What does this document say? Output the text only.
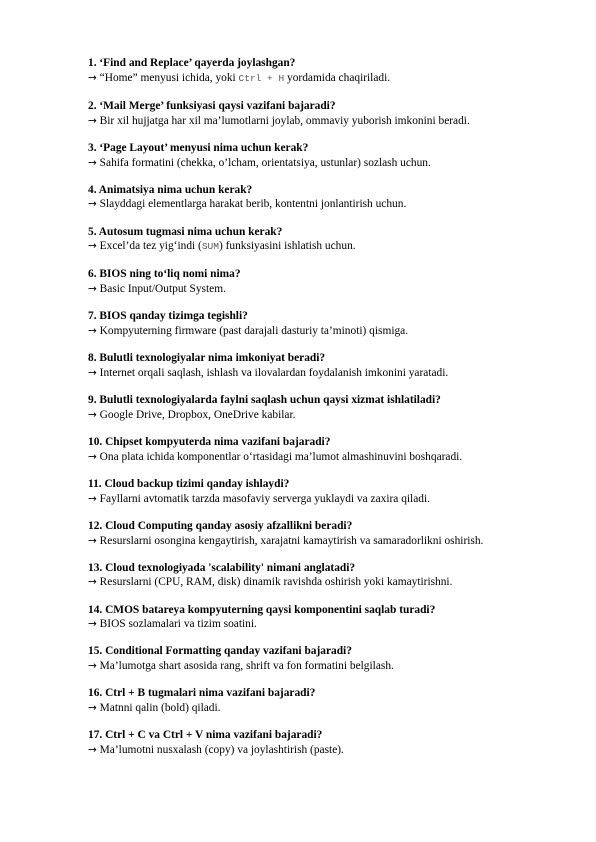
1. ‘Find and Replace’ qayerda joylashgan?
→ “Home” menyusi ichida, yoki Ctrl + H yordamida chaqiriladi.
2. ‘Mail Merge’ funksiyasi qaysi vazifani bajaradi?
→ Bir xil hujjatga har xil ma’lumotlarni joylab, ommaviy yuborish imkonini beradi.
3. ‘Page Layout’ menyusi nima uchun kerak?
→ Sahifa formatini (chekka, o’lcham, orientatsiya, ustunlar) sozlash uchun.
4. Animatsiya nima uchun kerak?
→ Slayddagi elementlarga harakat berib, kontentni jonlantirish uchun.
5. Autosum tugmasi nima uchun kerak?
→ Excel’da tez yig‘indi (SUM) funksiyasini ishlatish uchun.
6. BIOS ning to‘liq nomi nima?
→ Basic Input/Output System.
7. BIOS qanday tizimga tegishli?
→ Kompyuterning firmware (past darajali dasturiy ta’minoti) qismiga.
8. Bulutli texnologiyalar nima imkoniyat beradi?
→ Internet orqali saqlash, ishlash va ilovalardan foydalanish imkonini yaratadi.
9. Bulutli texnologiyalarda faylni saqlash uchun qaysi xizmat ishlatiladi?
→ Google Drive, Dropbox, OneDrive kabilar.
10. Chipset kompyuterda nima vazifani bajaradi?
→ Ona plata ichida komponentlar o‘rtasidagi ma’lumot almashinuvini boshqaradi.
11. Cloud backup tizimi qanday ishlaydi?
→ Fayllarni avtomatik tarzda masofaviy serverga yuklaydi va zaxira qiladi.
12. Cloud Computing qanday asosiy afzallikni beradi?
→ Resurslarni osongina kengaytirish, xarajatni kamaytirish va samaradorlikni oshirish.
13. Cloud texnologiyada 'scalability' nimani anglatadi?
→ Resurslarni (CPU, RAM, disk) dinamik ravishda oshirish yoki kamaytirishni.
14. CMOS batareya kompyuterning qaysi komponentini saqlab turadi?
→ BIOS sozlamalari va tizim soatini.
15. Conditional Formatting qanday vazifani bajaradi?
→ Ma’lumotga shart asosida rang, shrift va fon formatini belgilash.
16. Ctrl + B tugmalari nima vazifani bajaradi?
→ Matnni qalin (bold) qiladi.
17. Ctrl + C va Ctrl + V nima vazifani bajaradi?
→ Ma’lumotni nusxalash (copy) va joylashtirish (paste).
